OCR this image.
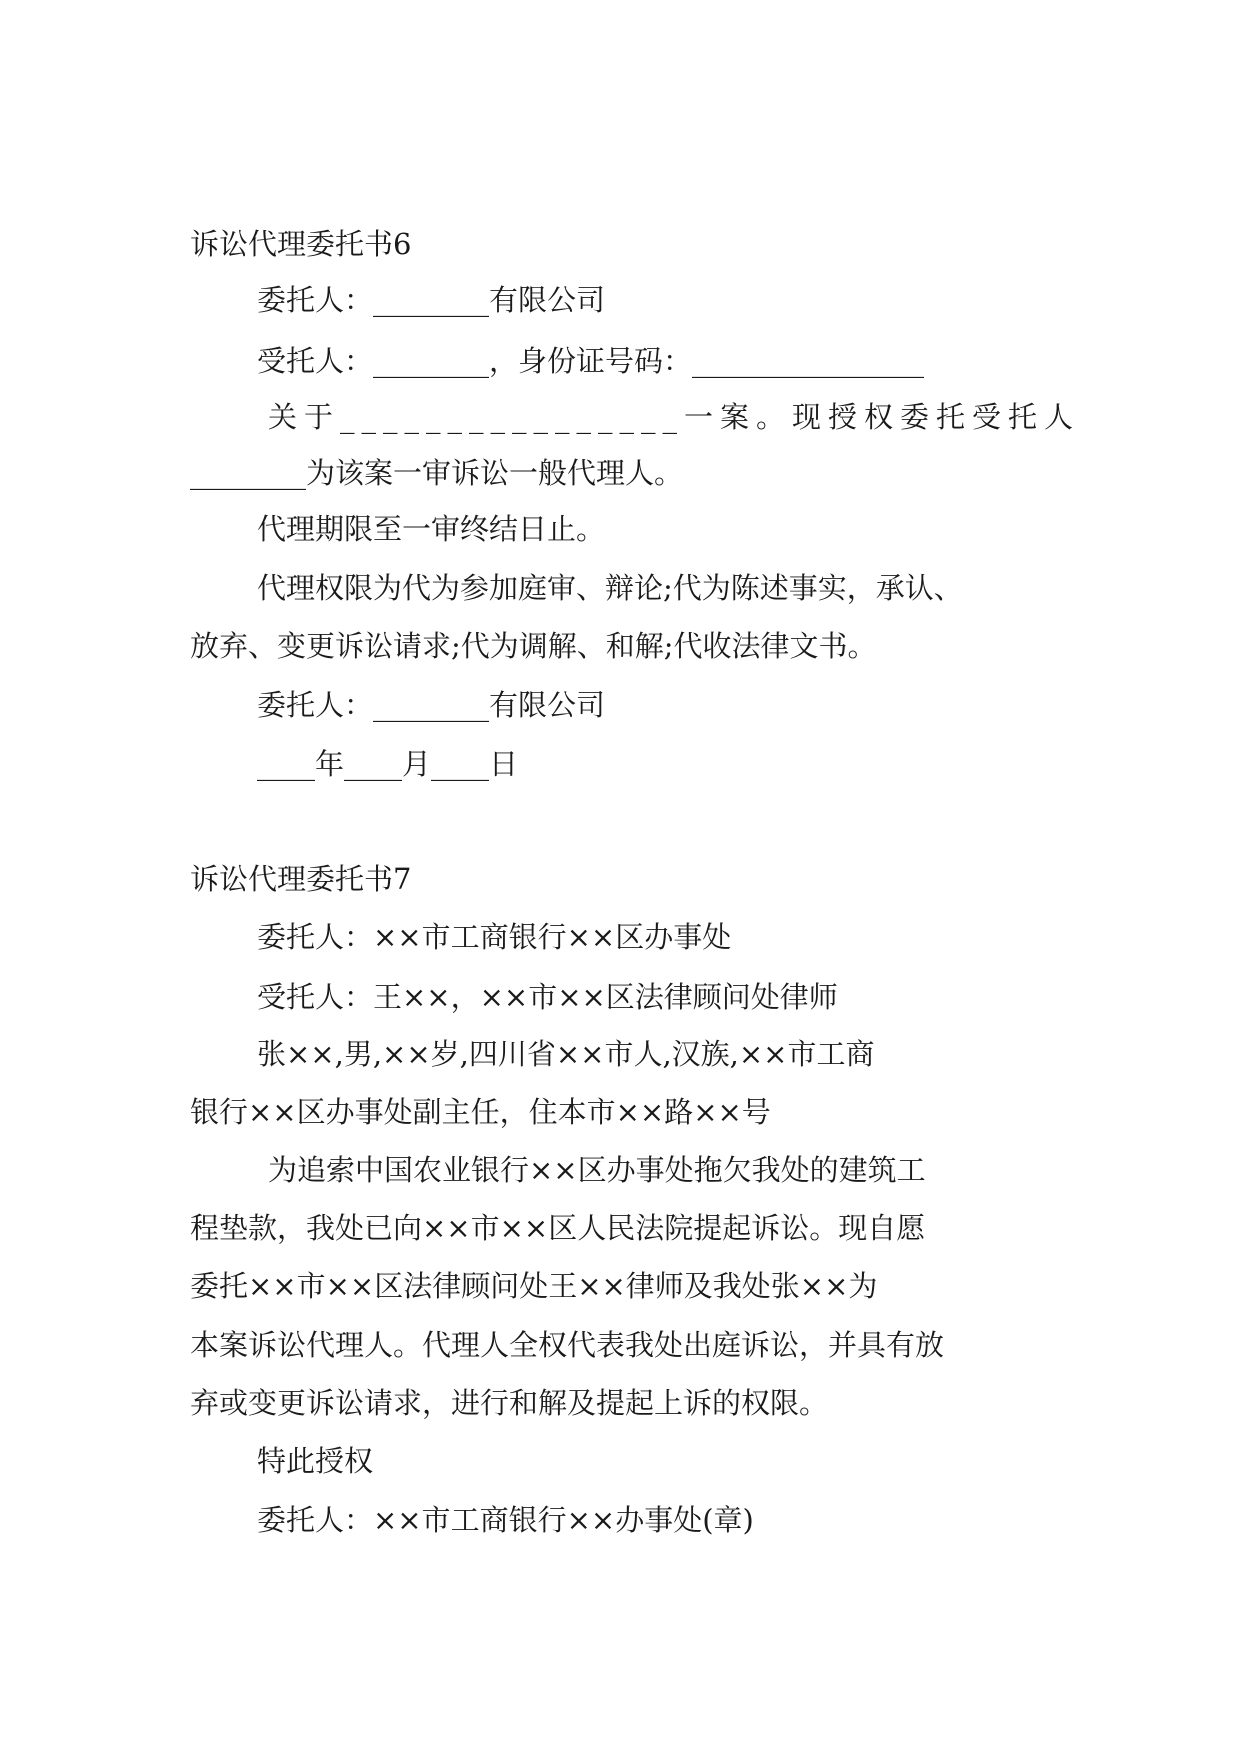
诉讼代理委托书6
委托人：________有限公司
受托人：________，身份证号码：________________
关于________________一案。现授权委托受托人
________为该案一审诉讼一般代理人。
代理期限至一审终结日止。
代理权限为代为参加庭审、辩论;代为陈述事实，承认、
放弃、变更诉讼请求;代为调解、和解;代收法律文书。
委托人：________有限公司
____年____月____日
诉讼代理委托书7
委托人：××市工商银行××区办事处
受托人：王××，××市××区法律顾问处律师
张××,男,××岁,四川省××市人,汉族,××市工商
银行××区办事处副主任，住本市××路××号
为追索中国农业银行××区办事处拖欠我处的建筑工
程垫款，我处已向××市××区人民法院提起诉讼。现自愿
委托××市××区法律顾问处王××律师及我处张××为
本案诉讼代理人。代理人全权代表我处出庭诉讼，并具有放
弃或变更诉讼请求，进行和解及提起上诉的权限。
特此授权
委托人：××市工商银行××办事处(章)
